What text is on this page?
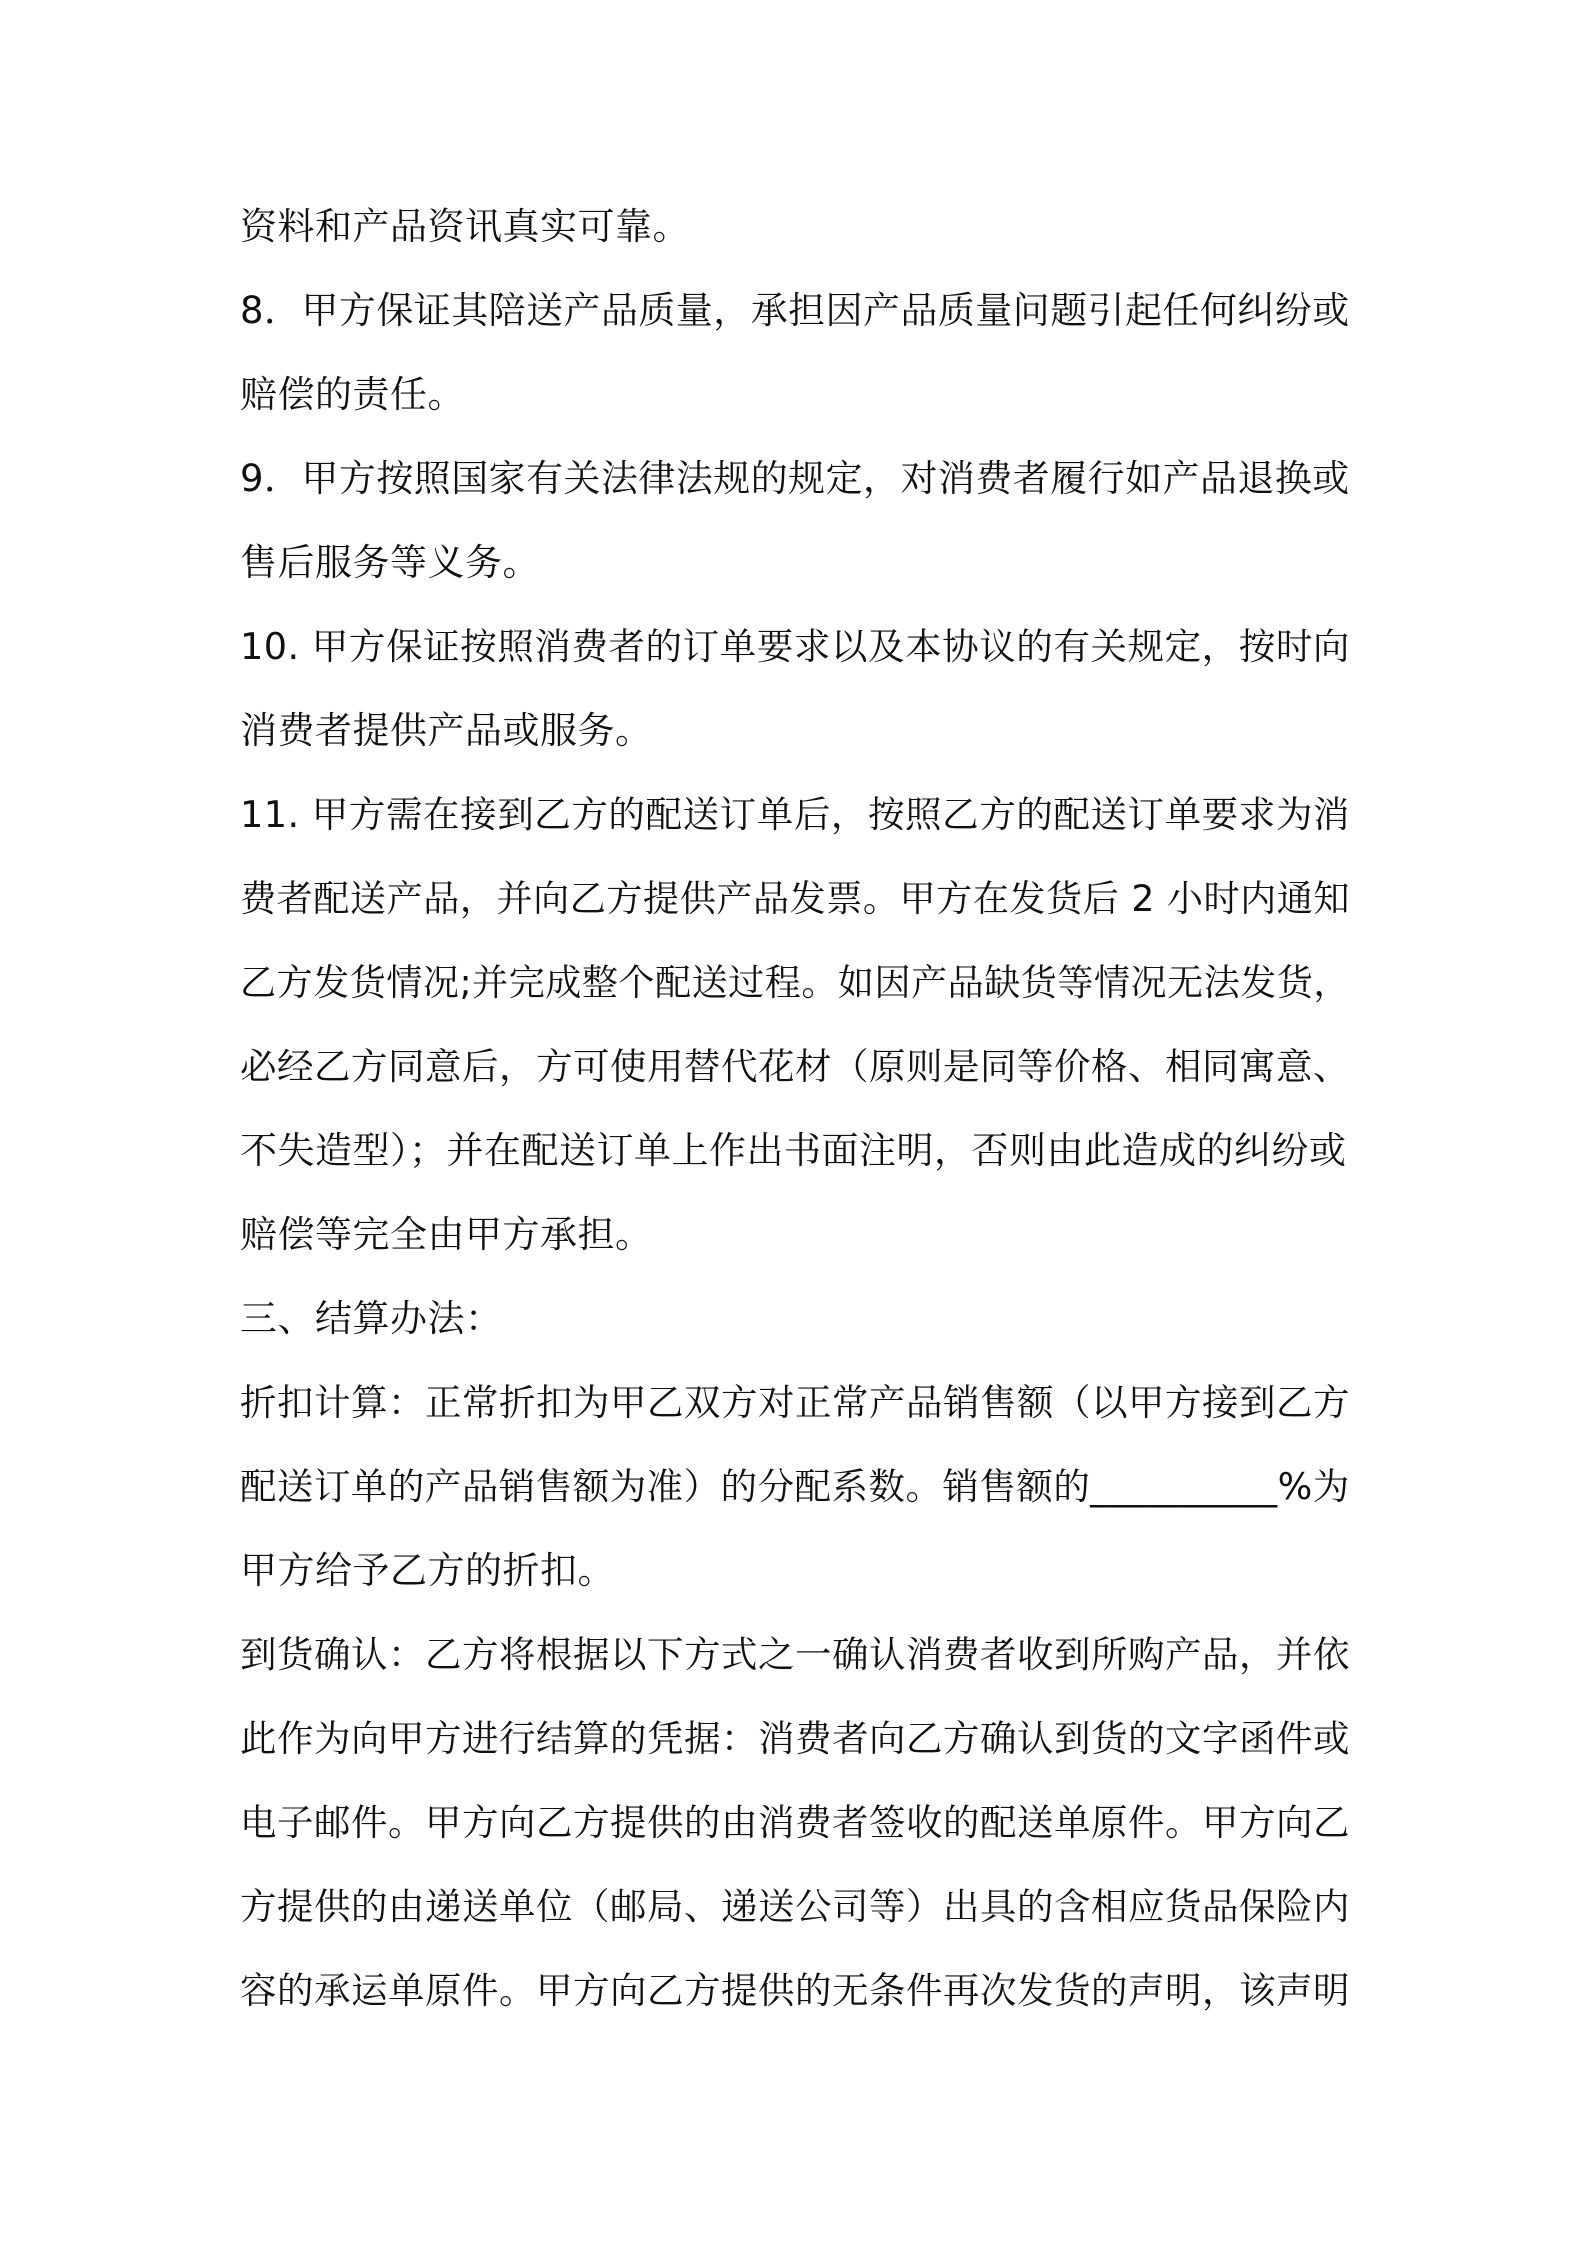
资料和产品资讯真实可靠。
8．甲方保证其陪送产品质量，承担因产品质量问题引起任何纠纷或
赔偿的责任。
9．甲方按照国家有关法律法规的规定，对消费者履行如产品退换或
售后服务等义务。
10. 甲方保证按照消费者的订单要求以及本协议的有关规定，按时向
消费者提供产品或服务。
11. 甲方需在接到乙方的配送订单后，按照乙方的配送订单要求为消
费者配送产品，并向乙方提供产品发票。甲方在发货后 2 小时内通知
乙方发货情况;并完成整个配送过程。如因产品缺货等情况无法发货，
必经乙方同意后，方可使用替代花材（原则是同等价格、相同寓意、
不失造型）；并在配送订单上作出书面注明，否则由此造成的纠纷或
赔偿等完全由甲方承担。
三、结算办法：
折扣计算：正常折扣为甲乙双方对正常产品销售额（以甲方接到乙方
配送订单的产品销售额为准）的分配系数。销售额的__________%为
甲方给予乙方的折扣。
到货确认：乙方将根据以下方式之一确认消费者收到所购产品，并依
此作为向甲方进行结算的凭据：消费者向乙方确认到货的文字函件或
电子邮件。甲方向乙方提供的由消费者签收的配送单原件。甲方向乙
方提供的由递送单位（邮局、递送公司等）出具的含相应货品保险内
容的承运单原件。甲方向乙方提供的无条件再次发货的声明，该声明
